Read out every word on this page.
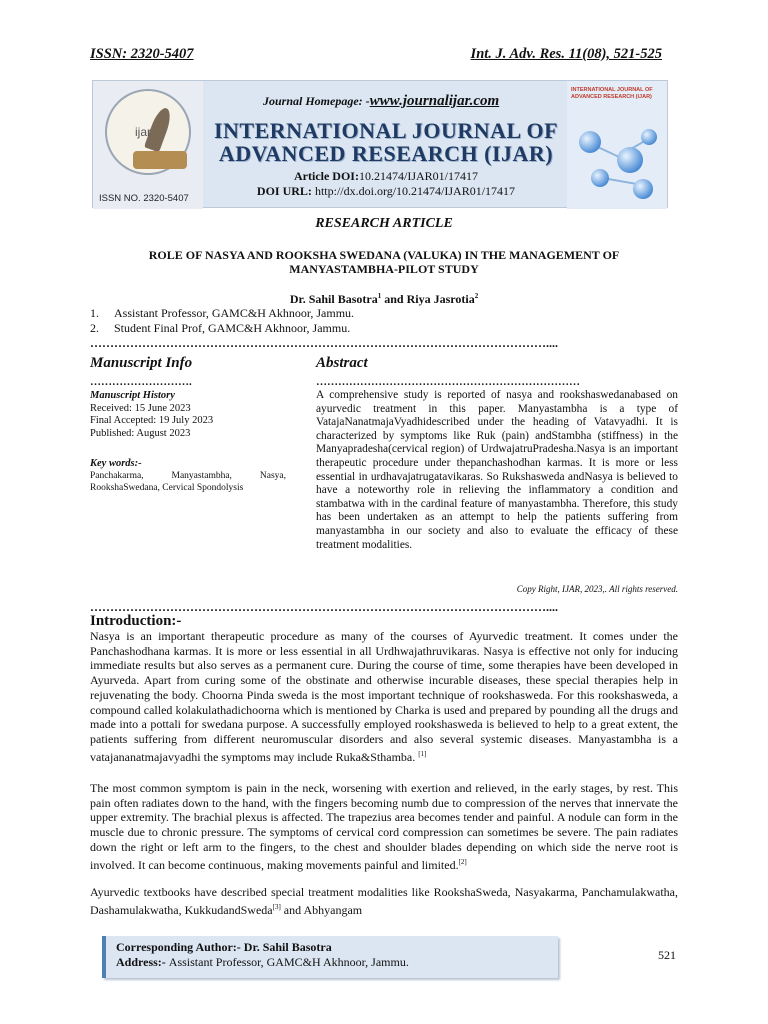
ISSN: 2320-5407	Int. J. Adv. Res. 11(08), 521-525
ijar
ISSN NO. 2320-5407
Journal Homepage: -www.journalijar.com
INTERNATIONAL JOURNAL OF ADVANCED RESEARCH (IJAR)
Article DOI:10.21474/IJAR01/17417
DOI URL: http://dx.doi.org/10.21474/IJAR01/17417
INTERNATIONAL JOURNAL OF ADVANCED RESEARCH (IJAR)
RESEARCH ARTICLE
ROLE OF NASYA AND ROOKSHA SWEDANA (VALUKA) IN THE MANAGEMENT OF MANYASTAMBHA-PILOT STUDY
Dr. Sahil Basotra$^1$ and Riya Jasrotia$^2$
1. Assistant Professor, GAMC&H Akhnoor, Jammu.
2. Student Final Prof, GAMC&H Akhnoor, Jammu.
……………………………………………………………………………………………………....
Manuscript Info
……………………….
Manuscript History
Received: 15 June 2023
Final Accepted: 19 July 2023
Published: August 2023
Key words:-
Panchakarma, Manyastambha, Nasya, RookshaSwedana, Cervical Spondolysis
Abstract
………………………………………………………………
A comprehensive study is reported of nasya and rookshaswedanabased on ayurvedic treatment in this paper. Manyastambha is a type of VatajaNanatmajaVyadhidescribed under the heading of Vatavyadhi. It is characterized by symptoms like Ruk (pain) andStambha (stiffness) in the Manyapradesha(cervical region) of UrdwajatruPradesha.Nasya is an important therapeutic procedure under thepanchashodhan karmas. It is more or less essential in urdhavajatrugatavikaras. So Rukshasweda andNasya is believed to have a noteworthy role in relieving the inflammatory a condition and stambatwa with in the cardinal feature of manyastambha. Therefore, this study has been undertaken as an attempt to help the patients suffering from manyastambha in our society and also to evaluate the efficacy of these treatment modalities.
Copy Right, IJAR, 2023,. All rights reserved.
……………………………………………………………………………………………………....
Introduction:-
Nasya is an important therapeutic procedure as many of the courses of Ayurvedic treatment. It comes under the Panchashodhana karmas. It is more or less essential in all Urdhwajathruvikaras. Nasya is effective not only for inducing immediate results but also serves as a permanent cure. During the course of time, some therapies have been developed in Ayurveda. Apart from curing some of the obstinate and otherwise incurable diseases, these special therapies help in rejuvenating the body. Choorna Pinda sweda is the most important technique of rookshasweda. For this rookshasweda, a compound called kolakulathadichoorna which is mentioned by Charka is used and prepared by pounding all the drugs and made into a pottali for swedana purpose. A successfully employed rookshasweda is believed to help to a great extent, the patients suffering from different neuromuscular disorders and also several systemic diseases. Manyastambha is a vatajananatmajavyadhi the symptoms may include Ruka&Sthamba. [1]
The most common symptom is pain in the neck, worsening with exertion and relieved, in the early stages, by rest. This pain often radiates down to the hand, with the fingers becoming numb due to compression of the nerves that innervate the upper extremity. The brachial plexus is affected. The trapezius area becomes tender and painful. A nodule can form in the muscle due to chronic pressure. The symptoms of cervical cord compression can sometimes be severe. The pain radiates down the right or left arm to the fingers, to the chest and shoulder blades depending on which side the nerve root is involved. It can become continuous, making movements painful and limited.[2]
Ayurvedic textbooks have described special treatment modalities like RookshaSweda, Nasyakarma, Panchamulakwatha, Dashamulakwatha, KukkudandSweda[3] and Abhyangam
Corresponding Author:- Dr. Sahil Basotra
Address:- Assistant Professor, GAMC&H Akhnoor, Jammu.	521
